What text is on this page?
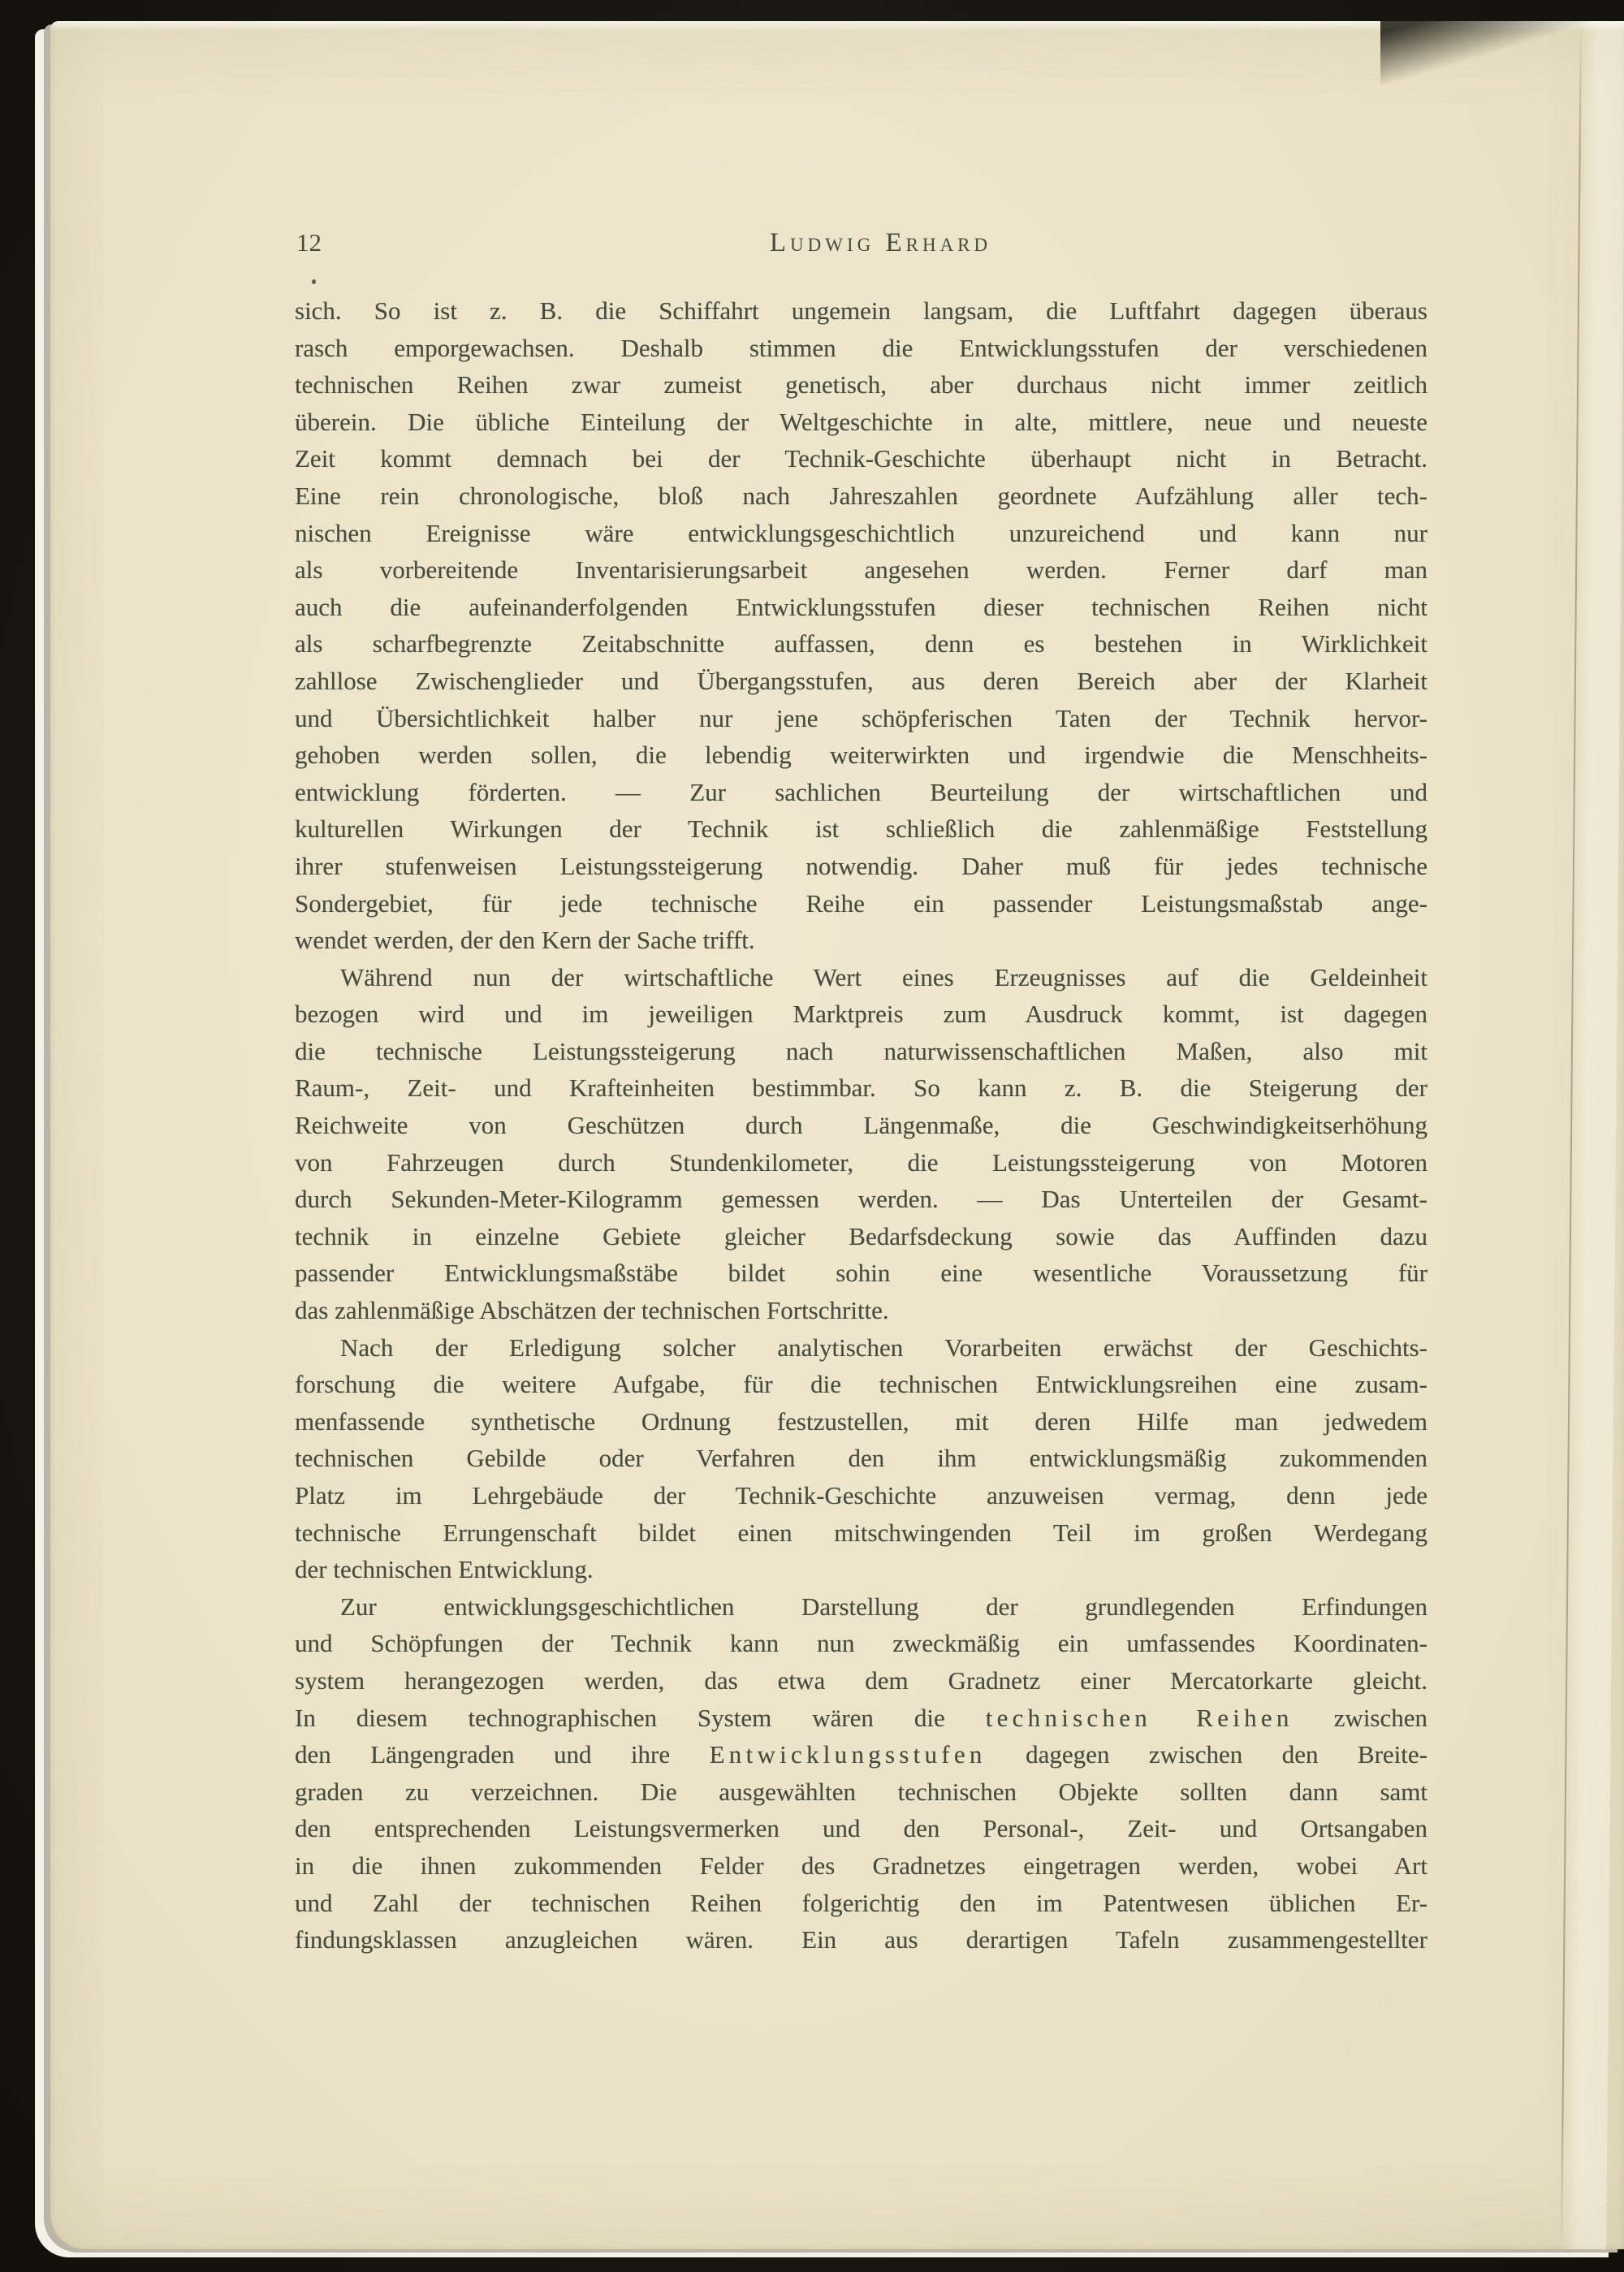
12	Ludwig Erhard
sich. So ist z. B. die Schiffahrt ungemein langsam, die Luftfahrt dagegen überaus
rasch emporgewachsen. Deshalb stimmen die Entwicklungsstufen der verschiedenen
technischen Reihen zwar zumeist genetisch, aber durchaus nicht immer zeitlich
überein. Die übliche Einteilung der Weltgeschichte in alte, mittlere, neue und neueste
Zeit kommt demnach bei der Technik-Geschichte überhaupt nicht in Betracht.
Eine rein chronologische, bloß nach Jahreszahlen geordnete Aufzählung aller tech-
nischen Ereignisse wäre entwicklungsgeschichtlich unzureichend und kann nur
als vorbereitende Inventarisierungsarbeit angesehen werden. Ferner darf man
auch die aufeinanderfolgenden Entwicklungsstufen dieser technischen Reihen nicht
als scharfbegrenzte Zeitabschnitte auffassen, denn es bestehen in Wirklichkeit
zahllose Zwischenglieder und Übergangsstufen, aus deren Bereich aber der Klarheit
und Übersichtlichkeit halber nur jene schöpferischen Taten der Technik hervor-
gehoben werden sollen, die lebendig weiterwirkten und irgendwie die Menschheits-
entwicklung förderten. — Zur sachlichen Beurteilung der wirtschaftlichen und
kulturellen Wirkungen der Technik ist schließlich die zahlenmäßige Feststellung
ihrer stufenweisen Leistungssteigerung notwendig. Daher muß für jedes technische
Sondergebiet, für jede technische Reihe ein passender Leistungsmaßstab ange-
wendet werden, der den Kern der Sache trifft.
Während nun der wirtschaftliche Wert eines Erzeugnisses auf die Geldeinheit
bezogen wird und im jeweiligen Marktpreis zum Ausdruck kommt, ist dagegen
die technische Leistungssteigerung nach naturwissenschaftlichen Maßen, also mit
Raum-, Zeit- und Krafteinheiten bestimmbar. So kann z. B. die Steigerung der
Reichweite von Geschützen durch Längenmaße, die Geschwindigkeitserhöhung
von Fahrzeugen durch Stundenkilometer, die Leistungssteigerung von Motoren
durch Sekunden-Meter-Kilogramm gemessen werden. — Das Unterteilen der Gesamt-
technik in einzelne Gebiete gleicher Bedarfsdeckung sowie das Auffinden dazu
passender Entwicklungsmaßstäbe bildet sohin eine wesentliche Voraussetzung für
das zahlenmäßige Abschätzen der technischen Fortschritte.
Nach der Erledigung solcher analytischen Vorarbeiten erwächst der Geschichts-
forschung die weitere Aufgabe, für die technischen Entwicklungsreihen eine zusam-
menfassende synthetische Ordnung festzustellen, mit deren Hilfe man jedwedem
technischen Gebilde oder Verfahren den ihm entwicklungsmäßig zukommenden
Platz im Lehrgebäude der Technik-Geschichte anzuweisen vermag, denn jede
technische Errungenschaft bildet einen mitschwingenden Teil im großen Werdegang
der technischen Entwicklung.
Zur entwicklungsgeschichtlichen Darstellung der grundlegenden Erfindungen
und Schöpfungen der Technik kann nun zweckmäßig ein umfassendes Koordinaten-
system herangezogen werden, das etwa dem Gradnetz einer Mercatorkarte gleicht.
In diesem technographischen System wären die technischen Reihen zwischen
den Längengraden und ihre Entwicklungsstufen dagegen zwischen den Breite-
graden zu verzeichnen. Die ausgewählten technischen Objekte sollten dann samt
den entsprechenden Leistungsvermerken und den Personal-, Zeit- und Ortsangaben
in die ihnen zukommenden Felder des Gradnetzes eingetragen werden, wobei Art
und Zahl der technischen Reihen folgerichtig den im Patentwesen üblichen Er-
findungsklassen anzugleichen wären. Ein aus derartigen Tafeln zusammengestellter
